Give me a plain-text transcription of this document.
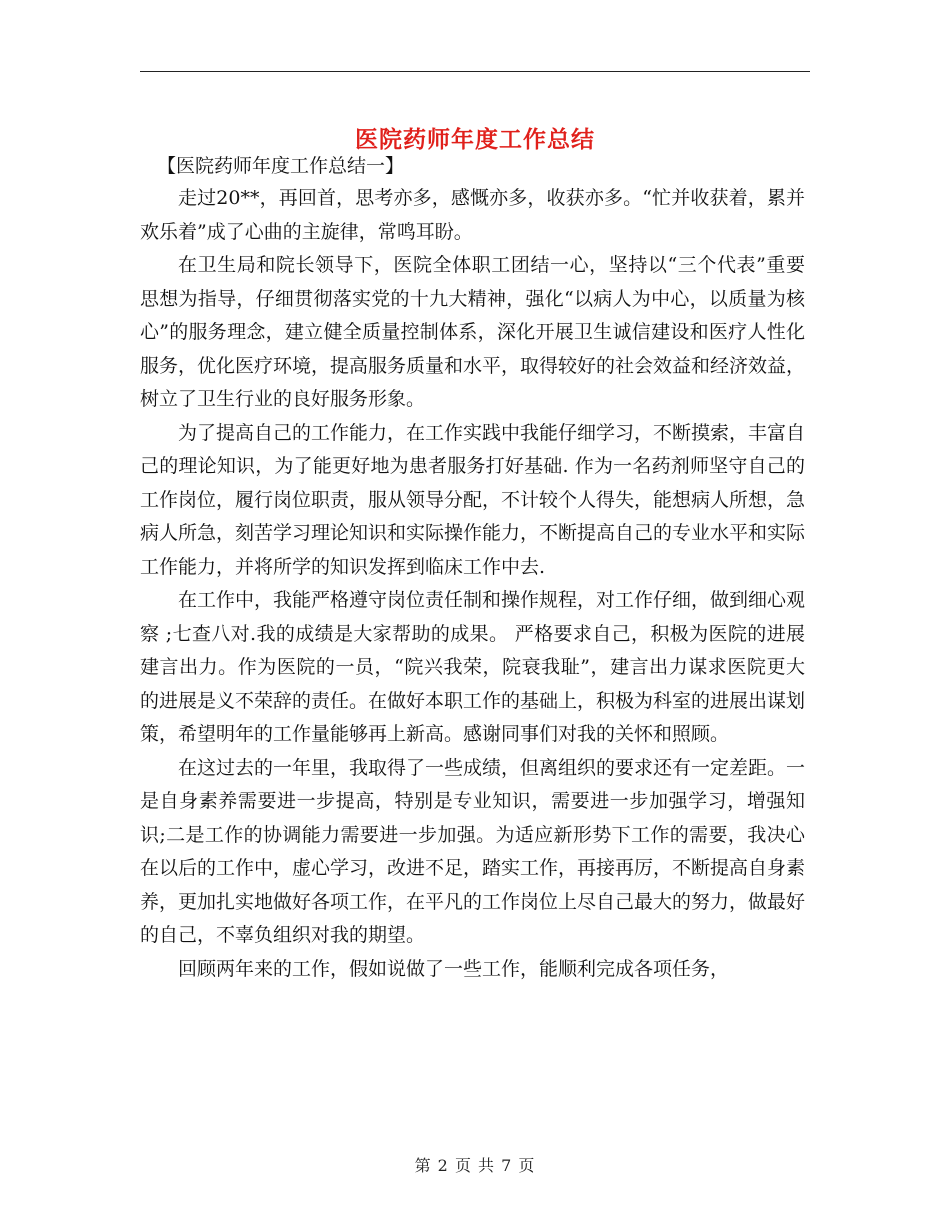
医院药师年度工作总结

【医院药师年度工作总结一】

走过20**，再回首，思考亦多，感慨亦多，收获亦多。“忙并收获着，累并欢乐着”成了心曲的主旋律，常鸣耳盼。

在卫生局和院长领导下，医院全体职工团结一心，坚持以“三个代表”重要思想为指导，仔细贯彻落实党的十九大精神，强化“以病人为中心，以质量为核心”的服务理念，建立健全质量控制体系，深化开展卫生诚信建设和医疗人性化服务，优化医疗环境，提高服务质量和水平，取得较好的社会效益和经济效益，树立了卫生行业的良好服务形象。

为了提高自己的工作能力，在工作实践中我能仔细学习，不断摸索，丰富自己的理论知识，为了能更好地为患者服务打好基础. 作为一名药剂师坚守自己的工作岗位，履行岗位职责，服从领导分配，不计较个人得失，能想病人所想，急病人所急，刻苦学习理论知识和实际操作能力，不断提高自己的专业水平和实际工作能力，并将所学的知识发挥到临床工作中去.

在工作中，我能严格遵守岗位责任制和操作规程，对工作仔细，做到细心观察 ;七查八对.我的成绩是大家帮助的成果。 严格要求自己，积极为医院的进展建言出力。作为医院的一员，“院兴我荣，院衰我耻”，建言出力谋求医院更大的进展是义不荣辞的责任。在做好本职工作的基础上，积极为科室的进展出谋划策，希望明年的工作量能够再上新高。感谢同事们对我的关怀和照顾。

在这过去的一年里，我取得了一些成绩，但离组织的要求还有一定差距。一是自身素养需要进一步提高，特别是专业知识，需要进一步加强学习，增强知识;二是工作的协调能力需要进一步加强。为适应新形势下工作的需要，我决心在以后的工作中，虚心学习，改进不足，踏实工作，再接再厉，不断提高自身素养，更加扎实地做好各项工作，在平凡的工作岗位上尽自己最大的努力，做最好的自己，不辜负组织对我的期望。

回顾两年来的工作，假如说做了一些工作，能顺利完成各项任务，

第 2 页 共 7 页
